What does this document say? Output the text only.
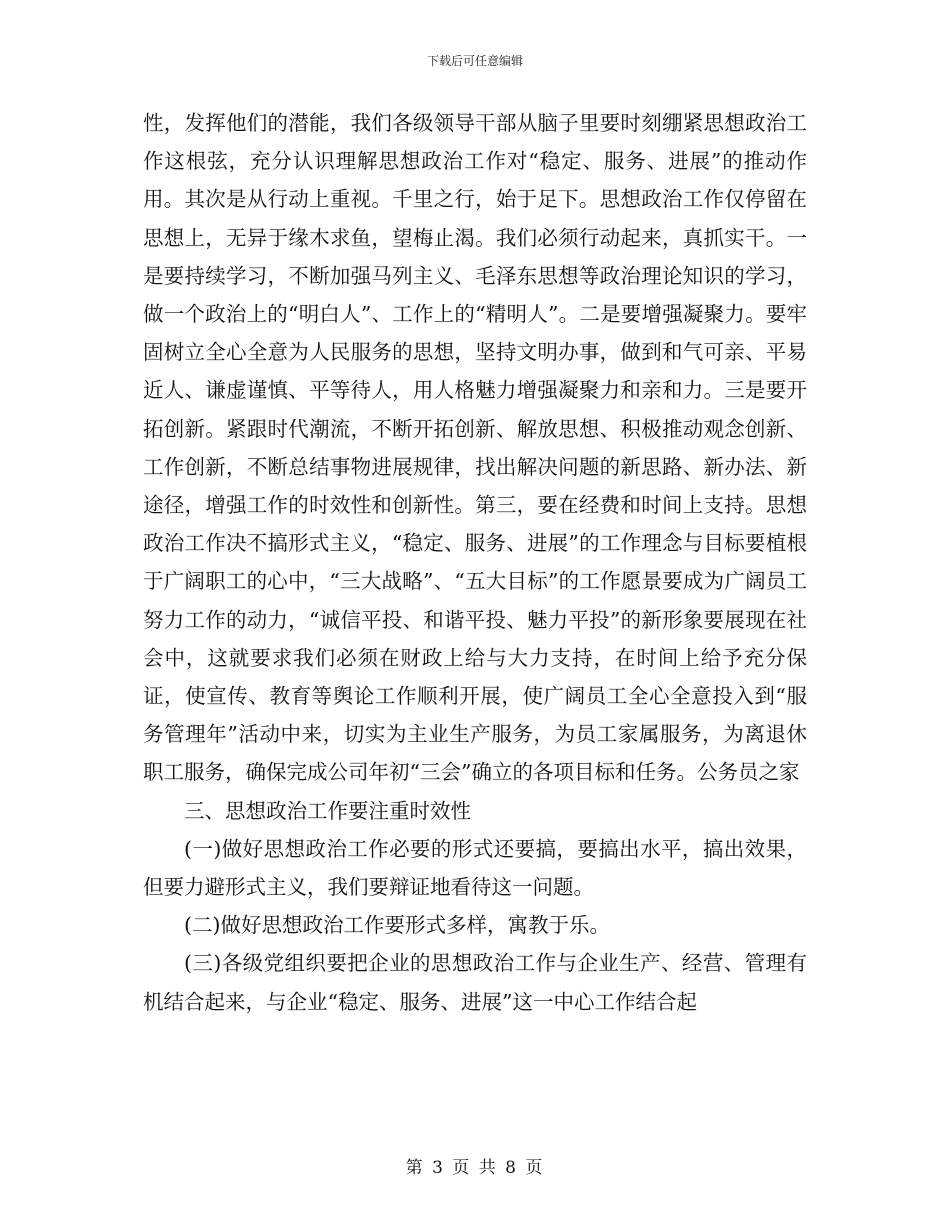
下载后可任意编辑

性，发挥他们的潜能，我们各级领导干部从脑子里要时刻绷紧思想政治工作这根弦，充分认识理解思想政治工作对“稳定、服务、进展”的推动作用。其次是从行动上重视。千里之行，始于足下。思想政治工作仅停留在思想上，无异于缘木求鱼，望梅止渴。我们必须行动起来，真抓实干。一是要持续学习，不断加强马列主义、毛泽东思想等政治理论知识的学习，做一个政治上的“明白人”、工作上的“精明人”。二是要增强凝聚力。要牢固树立全心全意为人民服务的思想，坚持文明办事，做到和气可亲、平易近人、谦虚谨慎、平等待人，用人格魅力增强凝聚力和亲和力。三是要开拓创新。紧跟时代潮流，不断开拓创新、解放思想、积极推动观念创新、工作创新，不断总结事物进展规律，找出解决问题的新思路、新办法、新途径，增强工作的时效性和创新性。第三，要在经费和时间上支持。思想政治工作决不搞形式主义，“稳定、服务、进展”的工作理念与目标要植根于广阔职工的心中，“三大战略”、“五大目标”的工作愿景要成为广阔员工努力工作的动力，“诚信平投、和谐平投、魅力平投”的新形象要展现在社会中，这就要求我们必须在财政上给与大力支持，在时间上给予充分保证，使宣传、教育等舆论工作顺利开展，使广阔员工全心全意投入到“服务管理年”活动中来，切实为主业生产服务，为员工家属服务，为离退休职工服务，确保完成公司年初“三会”确立的各项目标和任务。公务员之家

三、思想政治工作要注重时效性

(一)做好思想政治工作必要的形式还要搞，要搞出水平，搞出效果，但要力避形式主义，我们要辩证地看待这一问题。

(二)做好思想政治工作要形式多样，寓教于乐。

(三)各级党组织要把企业的思想政治工作与企业生产、经营、管理有机结合起来，与企业“稳定、服务、进展”这一中心工作结合起

第 3 页 共 8 页
